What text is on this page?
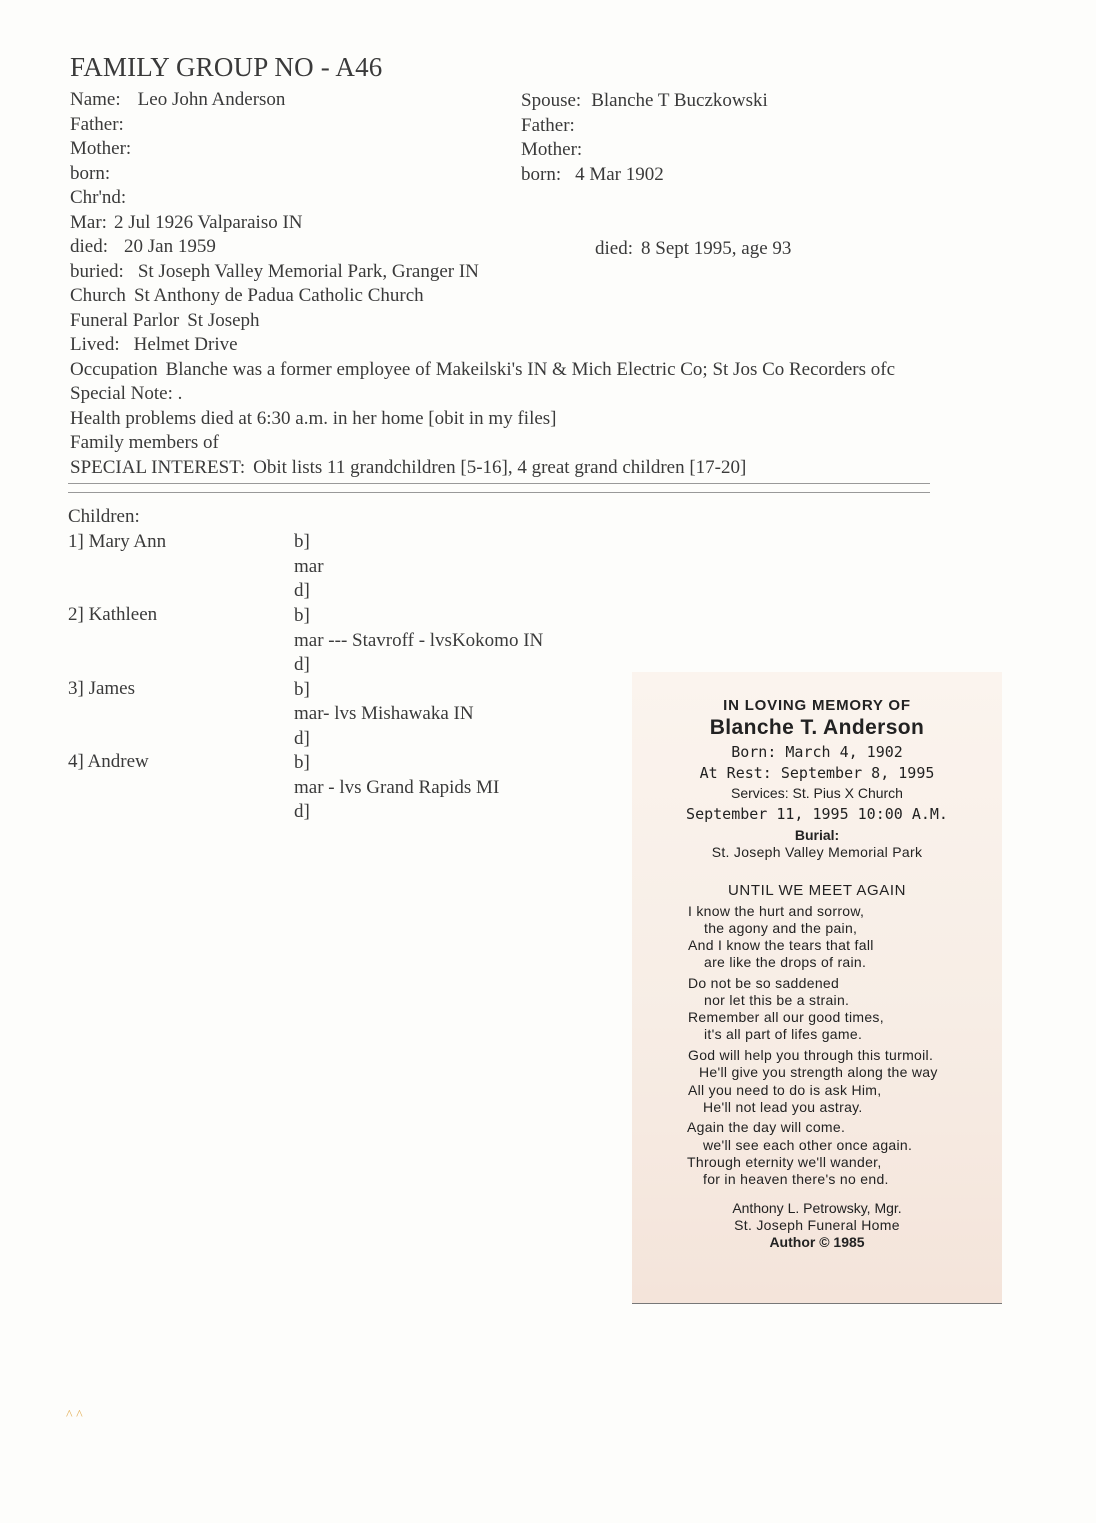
FAMILY GROUP NO - A46
Name: Leo John Anderson
Father:
Mother:
born:
Chr'nd:
Mar: 2 Jul 1926 Valparaiso IN
died: 20 Jan 1959
buried: St Joseph Valley Memorial Park, Granger IN
Church St Anthony de Padua Catholic Church
Funeral Parlor St Joseph
Lived: Helmet Drive
Occupation Blanche was a former employee of Makeilski's IN & Mich Electric Co; St Jos Co Recorders ofc
Special Note: .
Health problems died at 6:30 a.m. in her home [obit in my files]
Family members of
SPECIAL INTEREST: Obit lists 11 grandchildren [5-16], 4 great grand children [17-20]
Spouse: Blanche T Buczkowski
Father:
Mother:
born: 4 Mar 1902
died: 8 Sept 1995, age 93
Children:
1] Mary Ann	b]
mar
d]
2] Kathleen	b]
mar --- Stavroff - lvsKokomo IN
d]
3] James	b]
mar- lvs Mishawaka IN
d]
4] Andrew	b]
mar - lvs Grand Rapids MI
d]
IN LOVING MEMORY OF
Blanche T. Anderson
Born: March 4, 1902
At Rest: September 8, 1995
Services: St. Pius X Church
September 11, 1995 10:00 A.M.
Burial:
St. Joseph Valley Memorial Park
UNTIL WE MEET AGAIN
I know the hurt and sorrow,
the agony and the pain,
And I know the tears that fall
are like the drops of rain.
Do not be so saddened
nor let this be a strain.
Remember all our good times,
it's all part of lifes game.
God will help you through this turmoil.
He'll give you strength along the way
All you need to do is ask Him,
He'll not lead you astray.
Again the day will come.
we'll see each other once again.
Through eternity we'll wander,
for in heaven there's no end.
Anthony L. Petrowsky, Mgr.
St. Joseph Funeral Home
Author © 1985
^ ^
